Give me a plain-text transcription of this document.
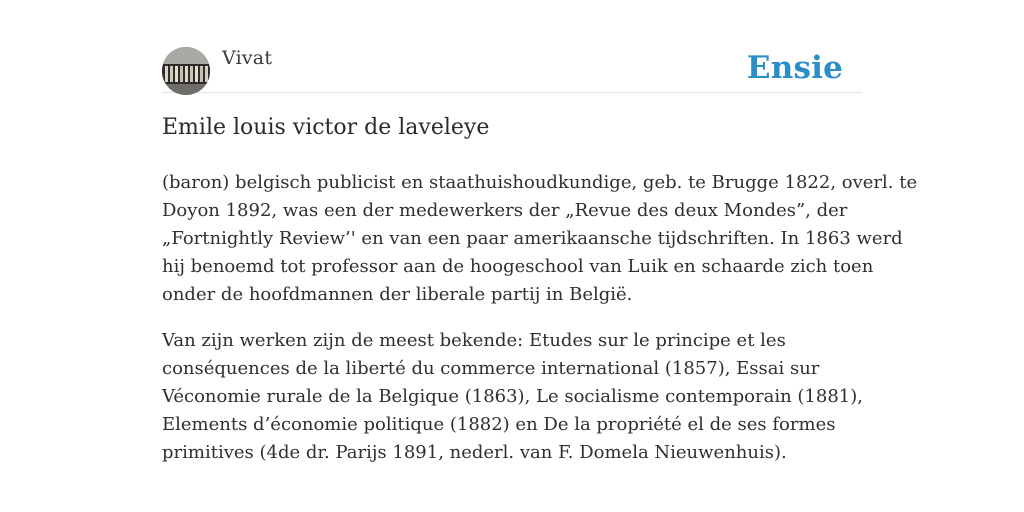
Vivat	Ensie
Emile louis victor de laveleye

(baron) belgisch publicist en staathuishoudkundige, geb. te Brugge 1822, overl. te
Doyon 1892, was een der medewerkers der „Revue des deux Mondes”, der
„Fortnightly Review’' en van een paar amerikaansche tijdschriften. In 1863 werd
hij benoemd tot professor aan de hoogeschool van Luik en schaarde zich toen
onder de hoofdmannen der liberale partij in België.

Van zijn werken zijn de meest bekende: Etudes sur le principe et les
conséquences de la liberté du commerce international (1857), Essai sur
Véconomie rurale de la Belgique (1863), Le socialisme contemporain (1881),
Elements d’économie politique (1882) en De la propriété el de ses formes
primitives (4de dr. Parijs 1891, nederl. van F. Domela Nieuwenhuis).
